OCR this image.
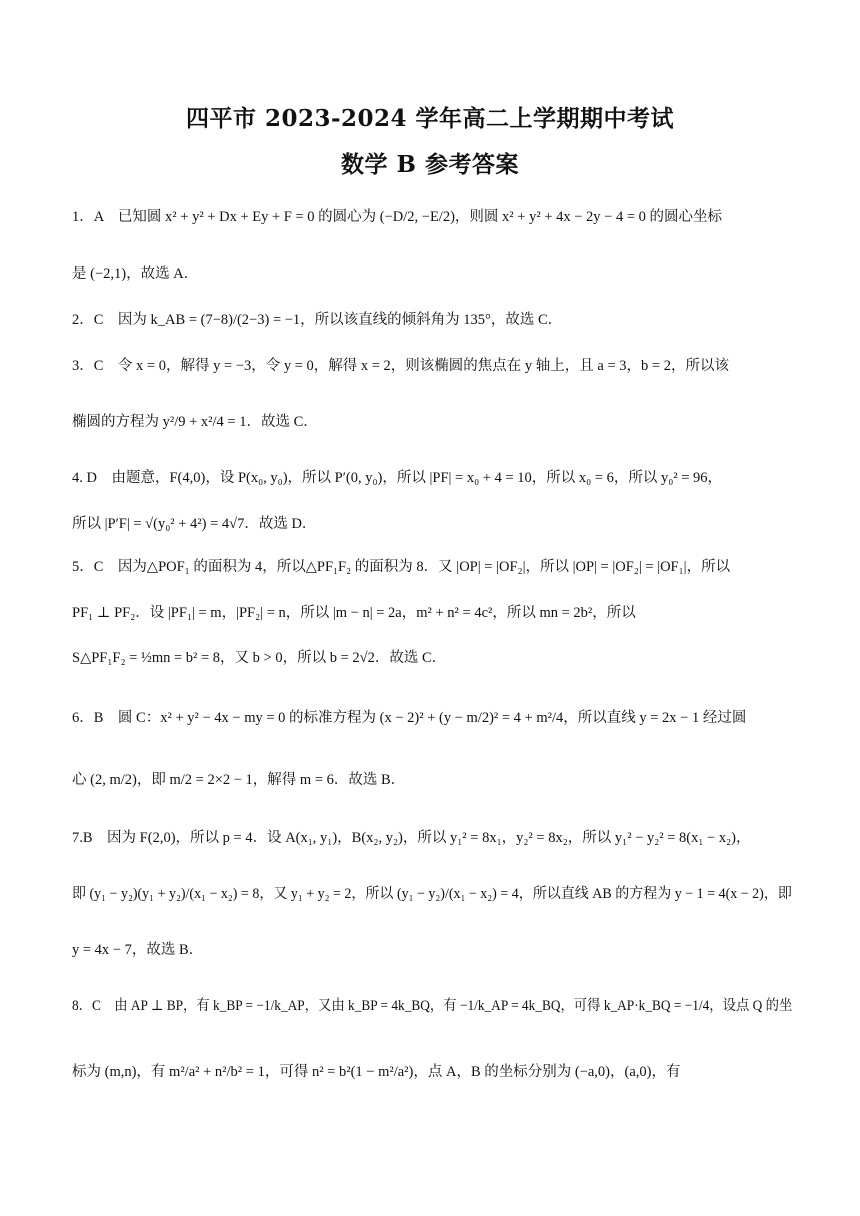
四平市 2023-2024 学年高二上学期期中考试
数学 B 参考答案
1．A　已知圆 x² + y² + Dx + Ey + F = 0 的圆心为 (−D/2, −E/2)，则圆 x² + y² + 4x − 2y − 4 = 0 的圆心坐标
是 (−2,1)，故选 A．
2．C　因为 k_AB = (7−8)/(2−3) = −1，所以该直线的倾斜角为 135°，故选 C．
3．C　令 x = 0，解得 y = −3，令 y = 0，解得 x = 2，则该椭圆的焦点在 y 轴上，且 a = 3，b = 2，所以该
椭圆的方程为 y²/9 + x²/4 = 1．故选 C．
4. D　由题意，F(4,0)，设 P(x₀, y₀)，所以 P′(0, y₀)，所以 |PF| = x₀ + 4 = 10，所以 x₀ = 6，所以 y₀² = 96，
所以 |P′F| = √(y₀² + 4²) = 4√7．故选 D．
5．C　因为△POF₁ 的面积为 4，所以△PF₁F₂ 的面积为 8．又 |OP| = |OF₂|，所以 |OP| = |OF₂| = |OF₁|，所以
PF₁ ⊥ PF₂．设 |PF₁| = m，|PF₂| = n，所以 |m − n| = 2a，m² + n² = 4c²，所以 mn = 2b²，所以
S△PF₁F₂ = ½mn = b² = 8，又 b > 0，所以 b = 2√2．故选 C．
6．B　圆 C：x² + y² − 4x − my = 0 的标准方程为 (x − 2)² + (y − m/2)² = 4 + m²/4，所以直线 y = 2x − 1 经过圆
心 (2, m/2)，即 m/2 = 2×2 − 1，解得 m = 6．故选 B．
7.B　因为 F(2,0)，所以 p = 4．设 A(x₁, y₁)，B(x₂, y₂)，所以 y₁² = 8x₁，y₂² = 8x₂，所以 y₁² − y₂² = 8(x₁ − x₂)，
即 (y₁ − y₂)(y₁ + y₂)/(x₁ − x₂) = 8，又 y₁ + y₂ = 2，所以 (y₁ − y₂)/(x₁ − x₂) = 4，所以直线 AB 的方程为 y − 1 = 4(x − 2)，即
y = 4x − 7，故选 B．
8．C　由 AP ⊥ BP，有 k_BP = −1/k_AP，又由 k_BP = 4k_BQ，有 −1/k_AP = 4k_BQ，可得 k_AP·k_BQ = −1/4，设点 Q 的坐
标为 (m,n)，有 m²/a² + n²/b² = 1，可得 n² = b²(1 − m²/a²)，点 A，B 的坐标分别为 (−a,0)，(a,0)，有
